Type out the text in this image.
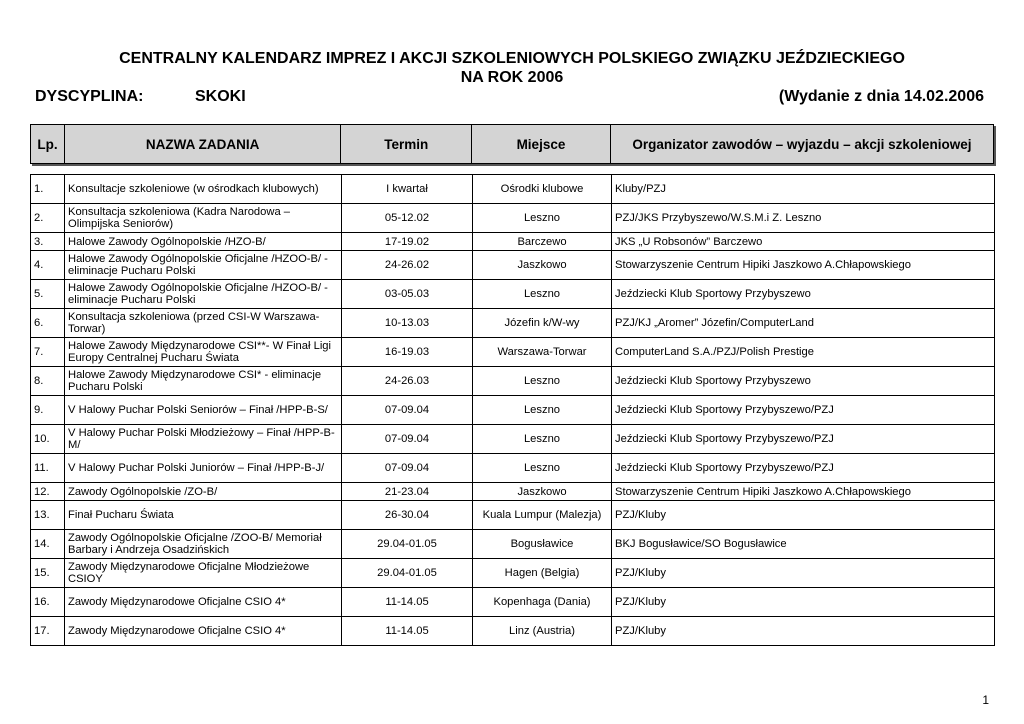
CENTRALNY KALENDARZ IMPREZ I AKCJI SZKOLENIOWYCH POLSKIEGO ZWIĄZKU JEŹDZIECKIEGO
NA ROK 2006
DYSCYPLINA:	SKOKI	(Wydanie z dnia 14.02.2006
Lp.	NAZWA ZADANIA	Termin	Miejsce	Organizator zawodów – wyjazdu – akcji szkoleniowej
1.	Konsultacje szkoleniowe (w ośrodkach klubowych)	I kwartał	Ośrodki klubowe	Kluby/PZJ
2.	Konsultacja szkoleniowa (Kadra Narodowa – Olimpijska Seniorów)	05-12.02	Leszno	PZJ/JKS Przybyszewo/W.S.M.i Z. Leszno
3.	Halowe Zawody Ogólnopolskie /HZO-B/	17-19.02	Barczewo	JKS „U Robsonów” Barczewo
4.	Halowe Zawody Ogólnopolskie Oficjalne /HZOO-B/ - eliminacje Pucharu Polski	24-26.02	Jaszkowo	Stowarzyszenie Centrum Hipiki Jaszkowo A.Chłapowskiego
5.	Halowe Zawody Ogólnopolskie Oficjalne /HZOO-B/ - eliminacje Pucharu Polski	03-05.03	Leszno	Jeździecki Klub Sportowy Przybyszewo
6.	Konsultacja szkoleniowa (przed CSI-W Warszawa-Torwar)	10-13.03	Józefin k/W-wy	PZJ/KJ „Aromer” Józefin/ComputerLand
7.	Halowe Zawody Międzynarodowe CSI**- W Finał Ligi Europy Centralnej Pucharu Świata	16-19.03	Warszawa-Torwar	ComputerLand S.A./PZJ/Polish Prestige
8.	Halowe Zawody Międzynarodowe CSI* - eliminacje Pucharu Polski	24-26.03	Leszno	Jeździecki Klub Sportowy Przybyszewo
9.	V Halowy Puchar Polski Seniorów – Finał /HPP-B-S/	07-09.04	Leszno	Jeździecki Klub Sportowy Przybyszewo/PZJ
10.	V Halowy Puchar Polski Młodzieżowy – Finał /HPP-B-M/	07-09.04	Leszno	Jeździecki Klub Sportowy Przybyszewo/PZJ
11.	V Halowy Puchar Polski Juniorów – Finał /HPP-B-J/	07-09.04	Leszno	Jeździecki Klub Sportowy Przybyszewo/PZJ
12.	Zawody Ogólnopolskie /ZO-B/	21-23.04	Jaszkowo	Stowarzyszenie Centrum Hipiki Jaszkowo A.Chłapowskiego
13.	Finał Pucharu Świata	26-30.04	Kuala Lumpur (Malezja)	PZJ/Kluby
14.	Zawody Ogólnopolskie Oficjalne /ZOO-B/ Memoriał Barbary i Andrzeja Osadzińskich	29.04-01.05	Bogusławice	BKJ Bogusławice/SO Bogusławice
15.	Zawody Międzynarodowe Oficjalne Młodzieżowe CSIOY	29.04-01.05	Hagen (Belgia)	PZJ/Kluby
16.	Zawody Międzynarodowe Oficjalne CSIO 4*	11-14.05	Kopenhaga (Dania)	PZJ/Kluby
17.	Zawody Międzynarodowe Oficjalne CSIO 4*	11-14.05	Linz (Austria)	PZJ/Kluby
1
